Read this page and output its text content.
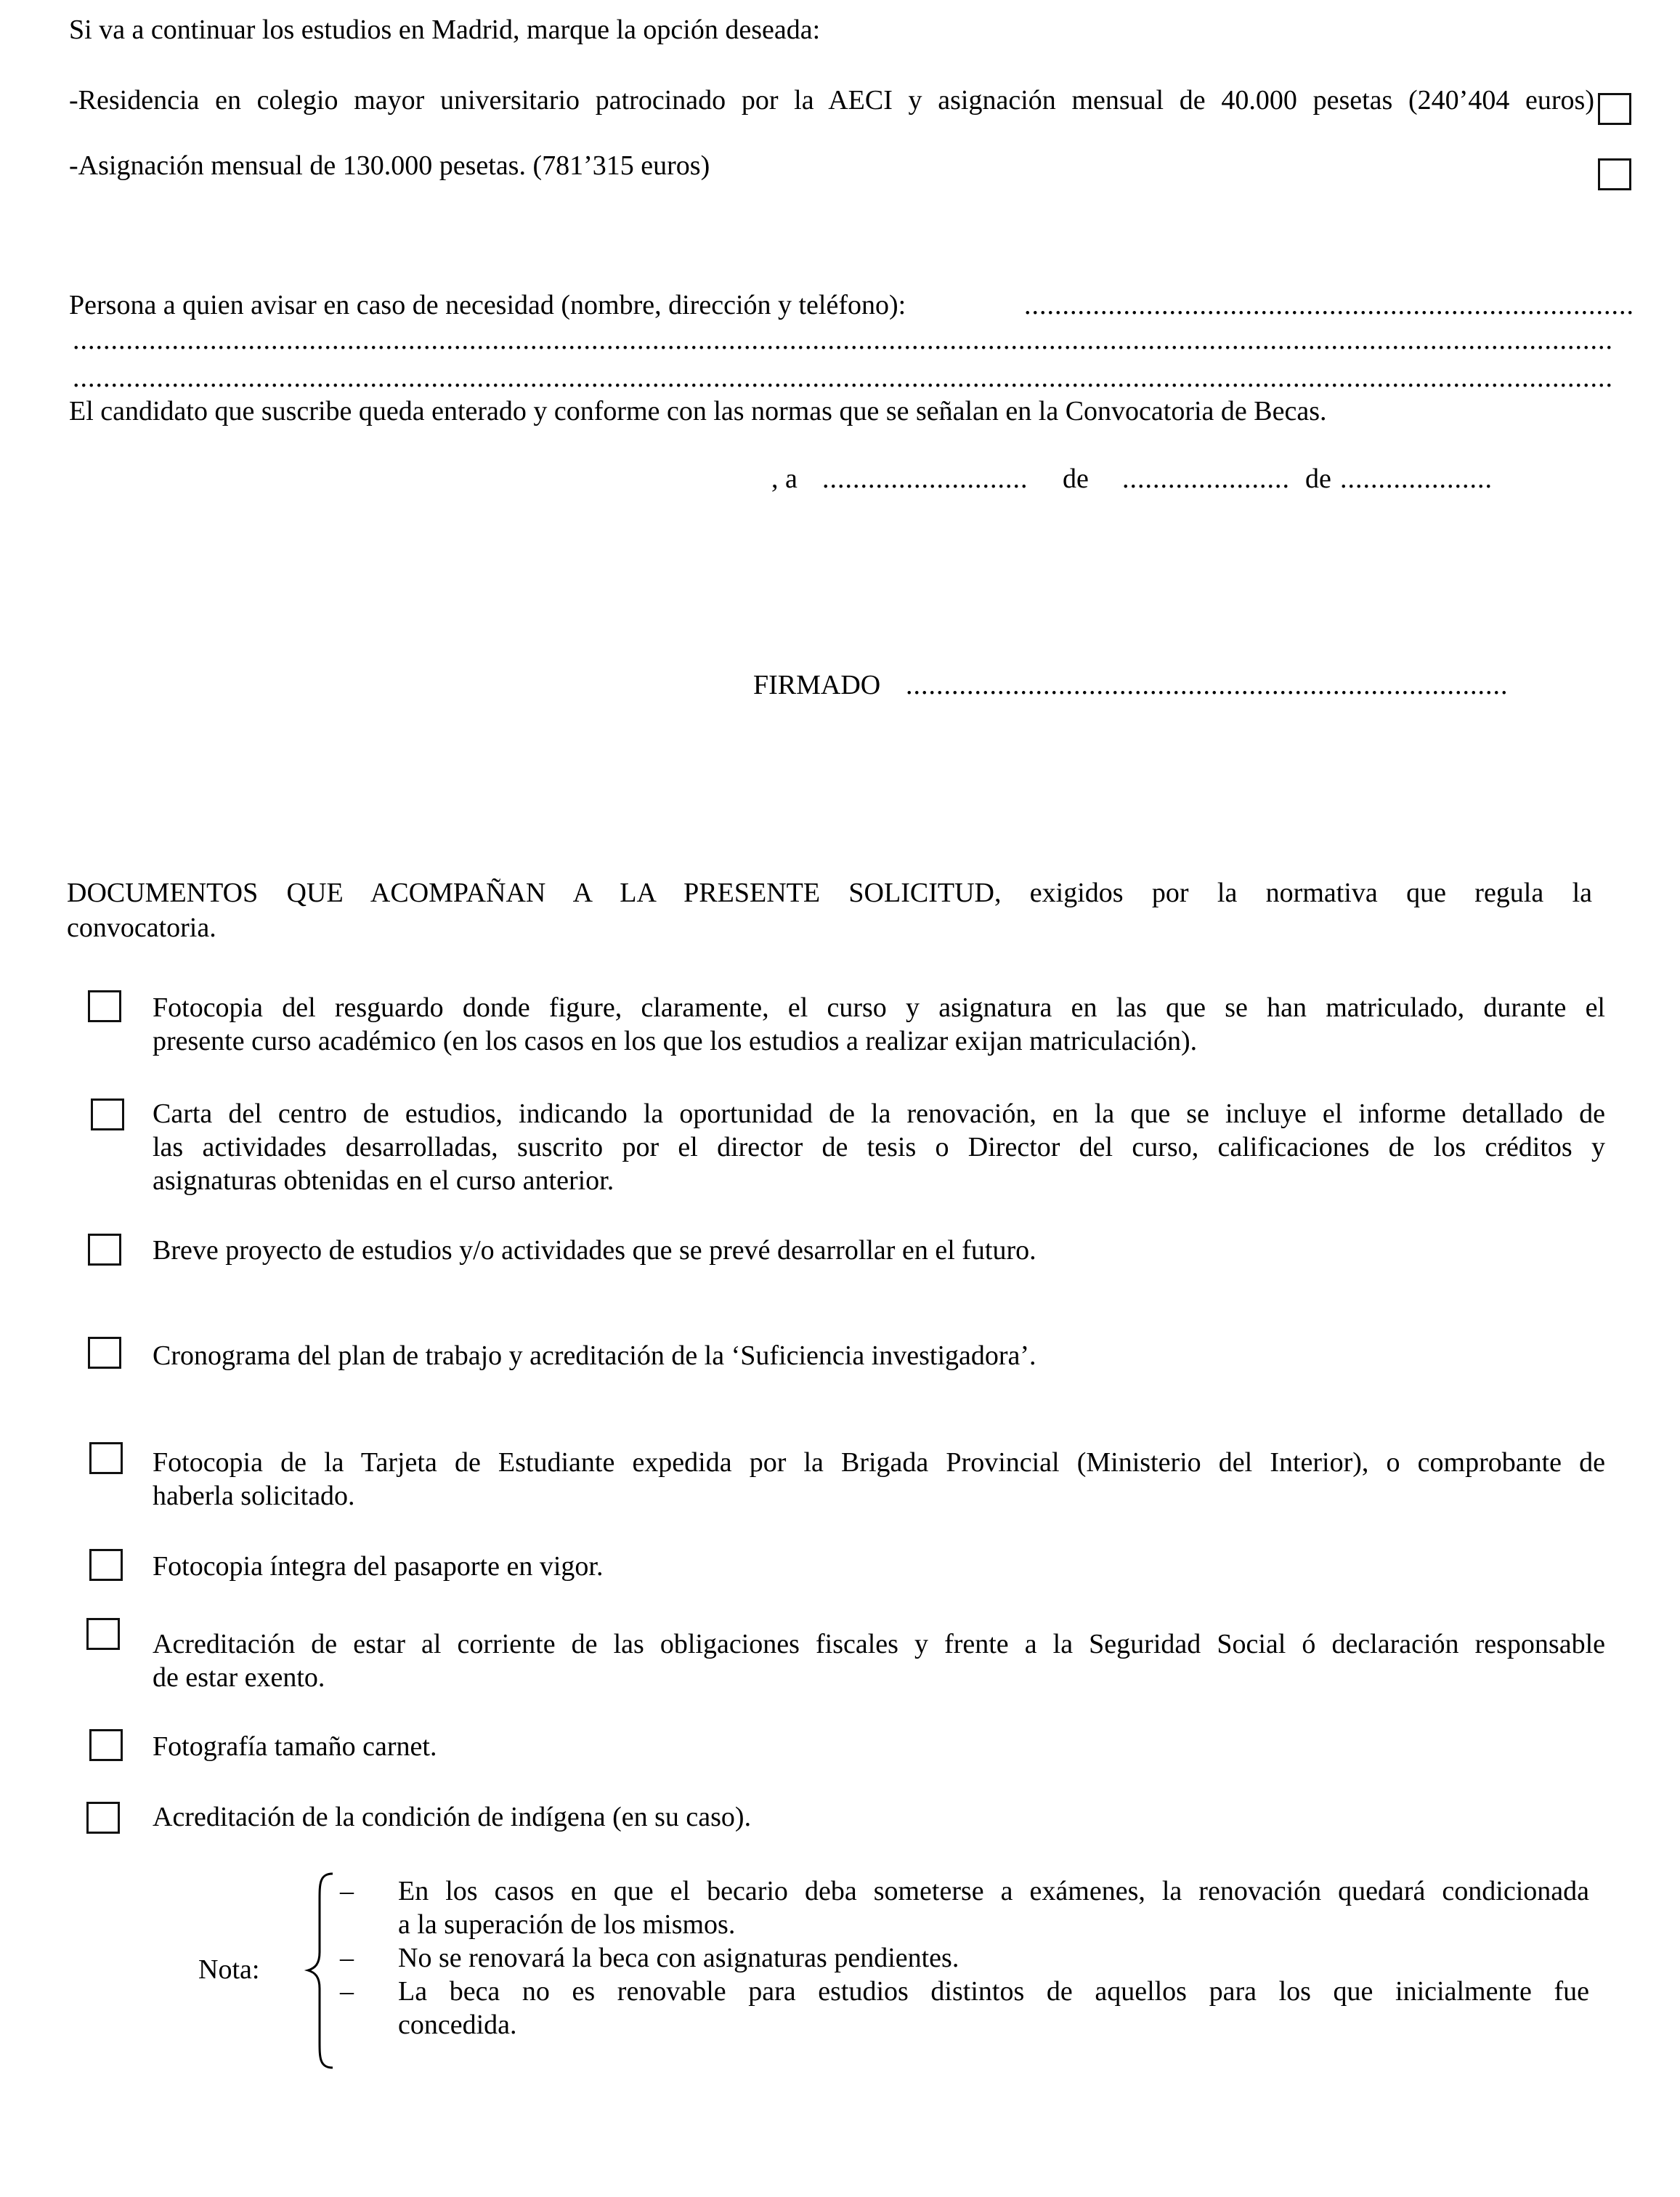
Si va a continuar los estudios en Madrid, marque la opción deseada:
-Residencia en colegio mayor universitario patrocinado por la AECI y asignación mensual de 40.000 pesetas (240’404 euros)
-Asignación mensual de 130.000 pesetas. (781’315 euros)
Persona a quien avisar en caso de necesidad (nombre, dirección y teléfono):	................................................................................
..........................................................................................................................................................................................................
..........................................................................................................................................................................................................
El candidato que suscribe queda enterado y conforme con las normas que se señalan en la Convocatoria de Becas.
, a ...........................	de ...................... de ....................
FIRMADO ...............................................................................
DOCUMENTOS QUE ACOMPAÑAN A LA PRESENTE SOLICITUD, exigidos por la normativa que regula la
convocatoria.
Fotocopia del resguardo donde figure, claramente, el curso y asignatura en las que se han matriculado, durante el
presente curso académico (en los casos en los que los estudios a realizar exijan matriculación).
Carta del centro de estudios, indicando la oportunidad de la renovación, en la que se incluye el informe detallado de
las actividades desarrolladas, suscrito por el director de tesis o Director del curso, calificaciones de los créditos y
asignaturas obtenidas en el curso anterior.
Breve proyecto de estudios y/o actividades que se prevé desarrollar en el futuro.
Cronograma del plan de trabajo y acreditación de la ‘Suficiencia investigadora’.
Fotocopia de la Tarjeta de Estudiante expedida por la Brigada Provincial (Ministerio del Interior), o comprobante de
haberla solicitado.
Fotocopia íntegra del pasaporte en vigor.
Acreditación de estar al corriente de las obligaciones fiscales y frente a la Seguridad Social ó declaración responsable
de estar exento.
Fotografía tamaño carnet.
Acreditación de la condición de indígena (en su caso).
Nota:
– En los casos en que el becario deba someterse a exámenes, la renovación quedará condicionada
a la superación de los mismos.
– No se renovará la beca con asignaturas pendientes.
– La beca no es renovable para estudios distintos de aquellos para los que inicialmente fue
concedida.
